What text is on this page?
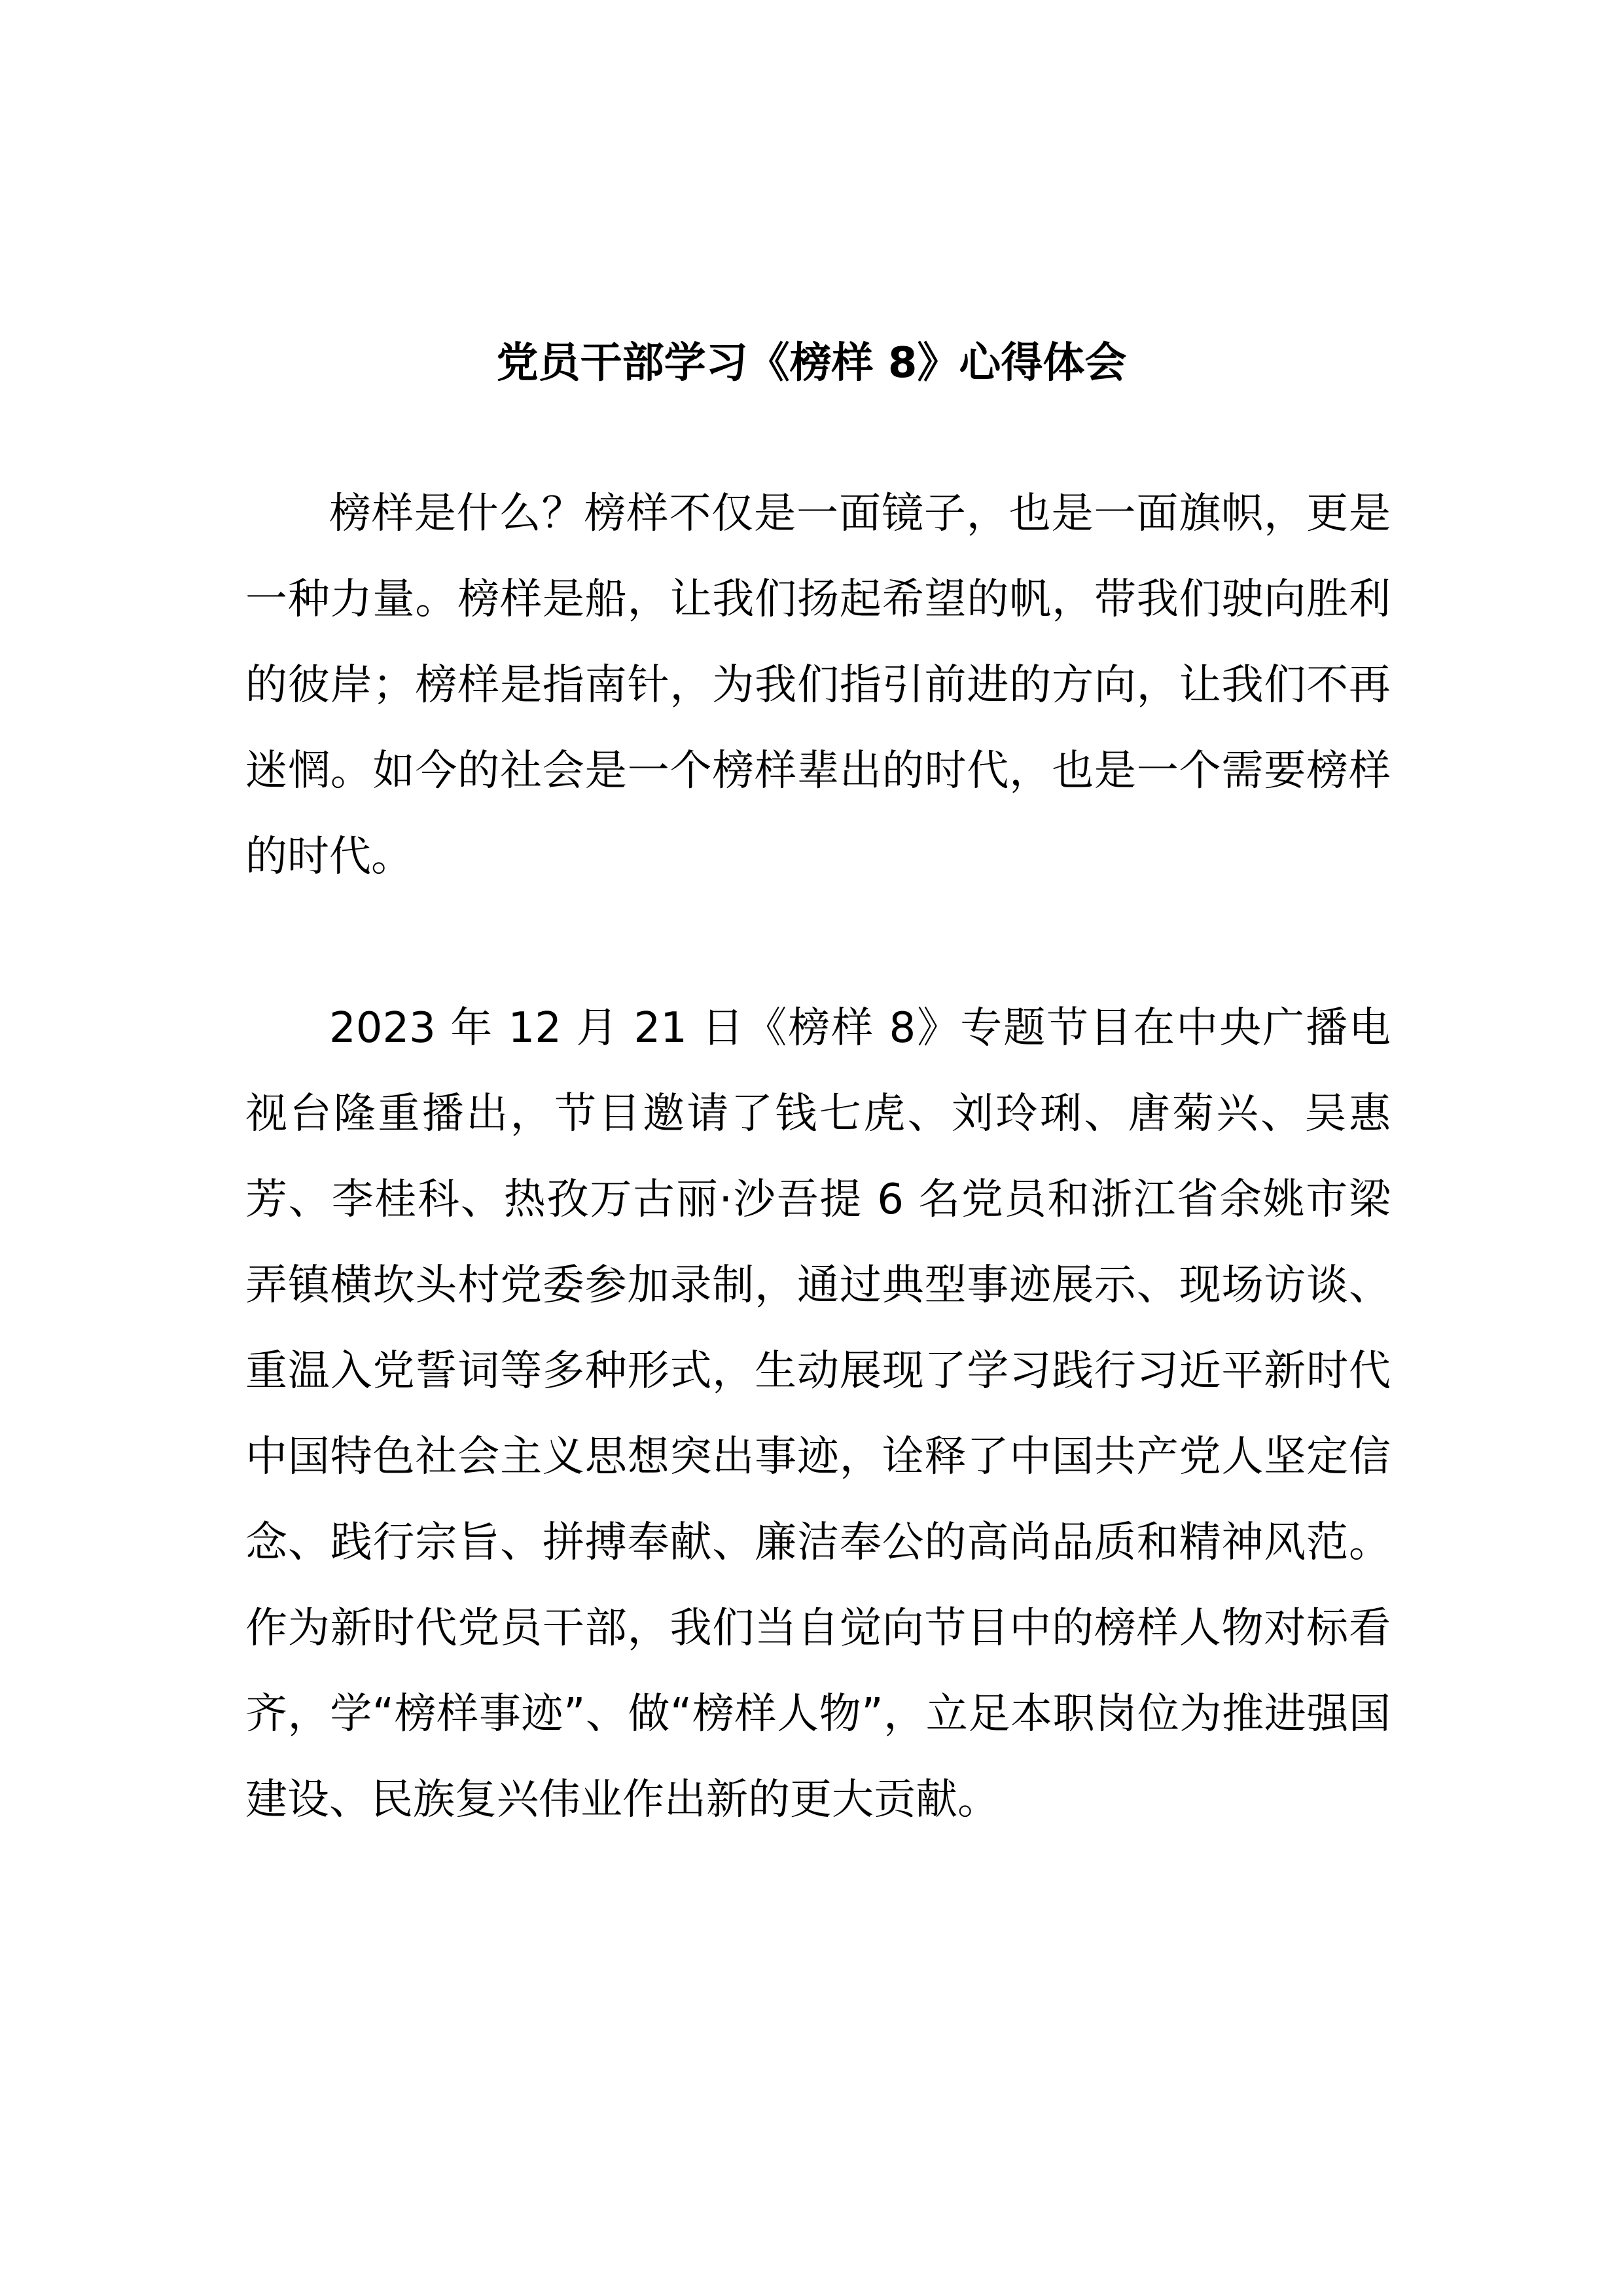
党员干部学习《榜样 8》心得体会

榜样是什么？榜样不仅是一面镜子，也是一面旗帜，更是一种力量。榜样是船，让我们扬起希望的帆，带我们驶向胜利的彼岸；榜样是指南针，为我们指引前进的方向，让我们不再迷惘。如今的社会是一个榜样辈出的时代，也是一个需要榜样的时代。

2023 年 12 月 21 日《榜样 8》专题节目在中央广播电视台隆重播出，节目邀请了钱七虎、刘玲琍、唐菊兴、吴惠芳、李桂科、热孜万古丽·沙吾提 6 名党员和浙江省余姚市梁弄镇横坎头村党委参加录制，通过典型事迹展示、现场访谈、重温入党誓词等多种形式，生动展现了学习践行习近平新时代中国特色社会主义思想突出事迹，诠释了中国共产党人坚定信念、践行宗旨、拼搏奉献、廉洁奉公的高尚品质和精神风范。作为新时代党员干部，我们当自觉向节目中的榜样人物对标看齐，学“榜样事迹”、做“榜样人物”，立足本职岗位为推进强国建设、民族复兴伟业作出新的更大贡献。
